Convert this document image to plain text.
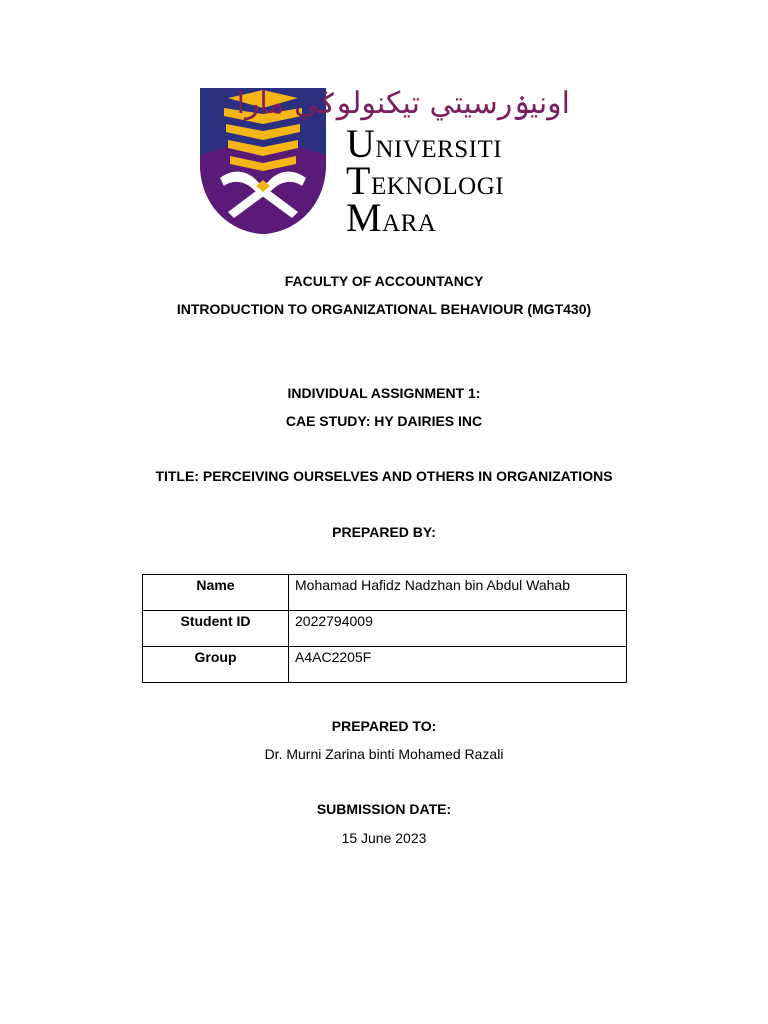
اونيۏرسيتي تيكنولوݢي مارا
Universiti
Teknologi
Mara
FACULTY OF ACCOUNTANCY
INTRODUCTION TO ORGANIZATIONAL BEHAVIOUR (MGT430)
INDIVIDUAL ASSIGNMENT 1:
CAE STUDY: HY DAIRIES INC
TITLE: PERCEIVING OURSELVES AND OTHERS IN ORGANIZATIONS
PREPARED BY:
Name	Mohamad Hafidz Nadzhan bin Abdul Wahab
Student ID	2022794009
Group	A4AC2205F
PREPARED TO:
Dr. Murni Zarina binti Mohamed Razali
SUBMISSION DATE:
15 June 2023
